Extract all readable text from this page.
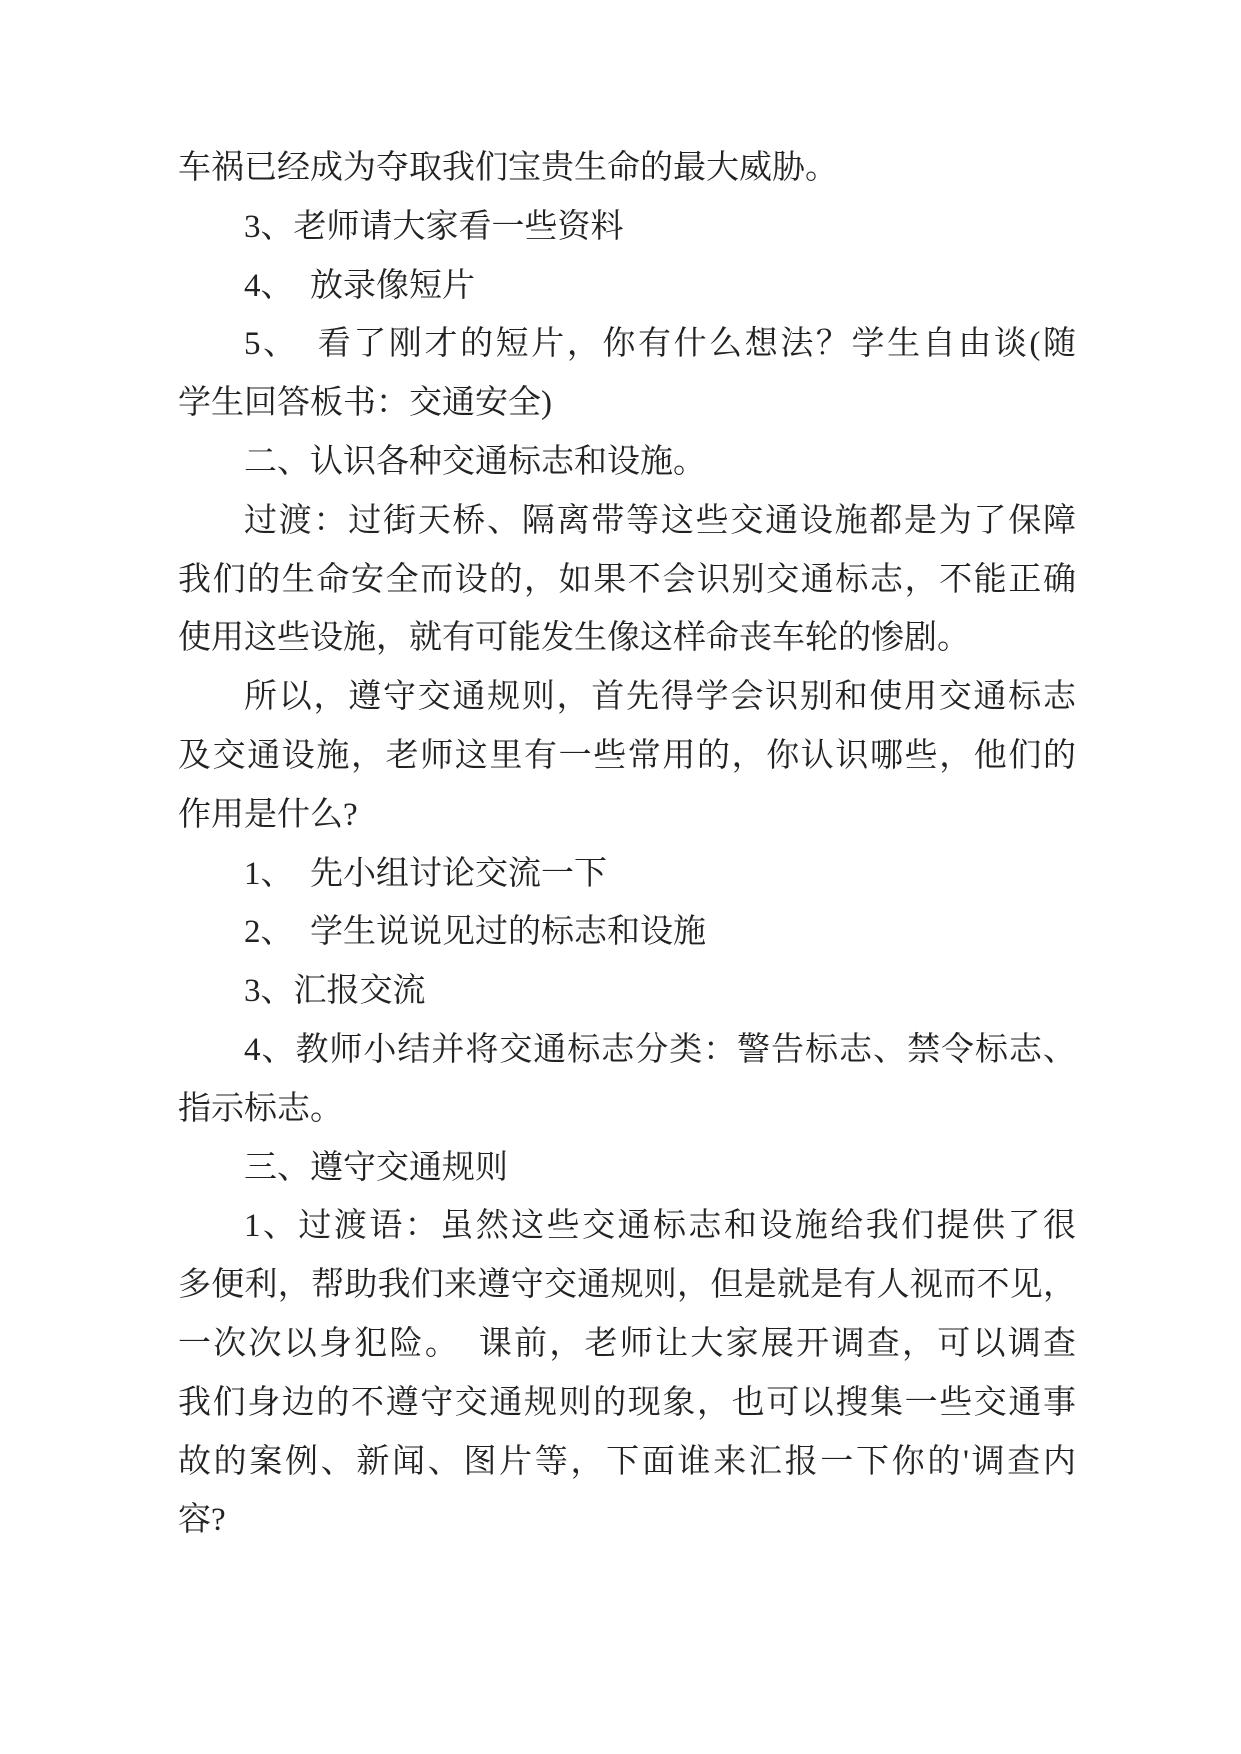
车祸已经成为夺取我们宝贵生命的最大威胁。
3、老师请大家看一些资料
4、　放录像短片
5、　看了刚才的短片，你有什么想法？学生自由谈(随
学生回答板书：交通安全)
二、认识各种交通标志和设施。
过渡：过街天桥、隔离带等这些交通设施都是为了保障
我们的生命安全而设的，如果不会识别交通标志，不能正确
使用这些设施，就有可能发生像这样命丧车轮的惨剧。
所以，遵守交通规则，首先得学会识别和使用交通标志
及交通设施，老师这里有一些常用的，你认识哪些，他们的
作用是什么?
1、　先小组讨论交流一下
2、　学生说说见过的标志和设施
3、汇报交流
4、教师小结并将交通标志分类：警告标志、禁令标志、
指示标志。
三、遵守交通规则
1、过渡语：虽然这些交通标志和设施给我们提供了很
多便利，帮助我们来遵守交通规则，但是就是有人视而不见，
一次次以身犯险。　课前，老师让大家展开调查，可以调查
我们身边的不遵守交通规则的现象，也可以搜集一些交通事
故的案例、新闻、图片等，下面谁来汇报一下你的'调查内
容?
